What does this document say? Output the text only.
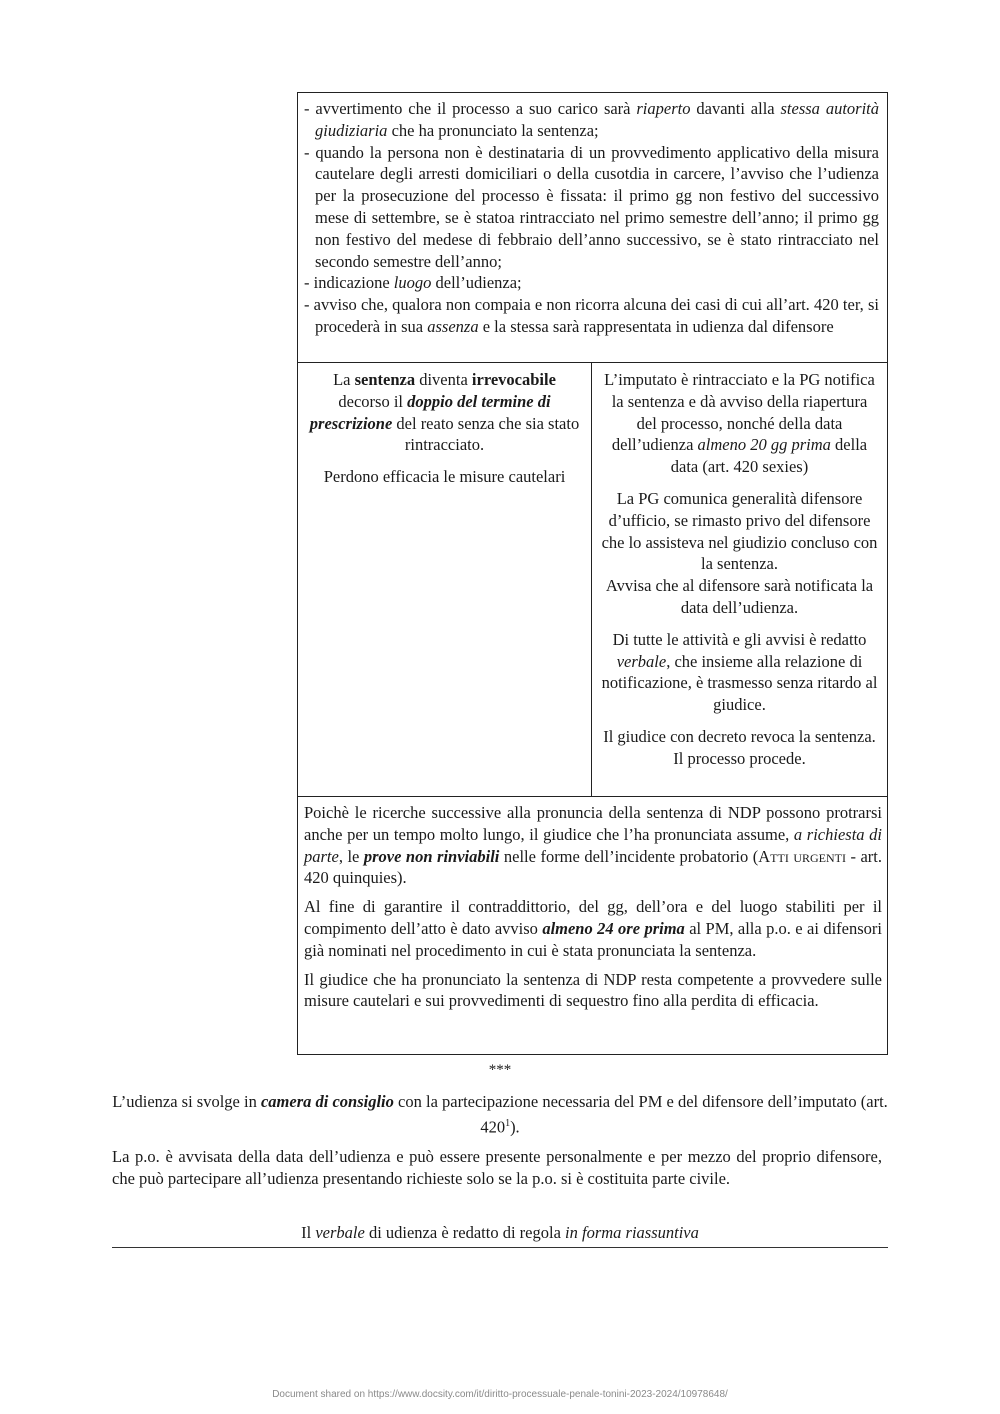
- avvertimento che il processo a suo carico sarà riaperto davanti alla stessa autorità giudiziaria che ha pronunciato la sentenza;

- quando la persona non è destinataria di un provvedimento applicativo della misura cautelare degli arresti domiciliari o della cusotdia in carcere, l’avviso che l’udienza per la prosecuzione del processo è fissata: il primo gg non festivo del successivo mese di settembre, se è statoa rintracciato nel primo semestre dell’anno; il primo gg non festivo del medese di febbraio dell’anno successivo, se è stato rintracciato nel secondo semestre dell’anno;

- indicazione luogo dell’udienza;

- avviso che, qualora non compaia e non ricorra alcuna dei casi di cui all’art. 420 ter, si procederà in sua assenza e la stessa sarà rappresentata in udienza dal difensore

La sentenza diventa irrevocabile decorso il doppio del termine di prescrizione del reato senza che sia stato rintracciato.

Perdono efficacia le misure cautelari

L’imputato è rintracciato e la PG notifica la sentenza e dà avviso della riapertura del processo, nonché della data dell’udienza almeno 20 gg prima della data (art. 420 sexies)

La PG comunica generalità difensore d’ufficio, se rimasto privo del difensore che lo assisteva nel giudizio concluso con la sentenza.
Avvisa che al difensore sarà notificata la data dell’udienza.

Di tutte le attività e gli avvisi è redatto verbale, che insieme alla relazione di notificazione, è trasmesso senza ritardo al giudice.

Il giudice con decreto revoca la sentenza.
Il processo procede.

Poichè le ricerche successive alla pronuncia della sentenza di NDP possono protrarsi anche per un tempo molto lungo, il giudice che l’ha pronunciata assume, a richiesta di parte, le prove non rinviabili nelle forme dell’incidente probatorio (Atti urgenti - art. 420 quinquies).

Al fine di garantire il contraddittorio, del gg, dell’ora e del luogo stabiliti per il compimento dell’atto è dato avviso almeno 24 ore prima al PM, alla p.o. e ai difensori già nominati nel procedimento in cui è stata pronunciata la sentenza.

Il giudice che ha pronunciato la sentenza di NDP resta competente a provvedere sulle misure cautelari e sui provvedimenti di sequestro fino alla perdita di efficacia.

***

L’udienza si svolge in camera di consiglio con la partecipazione necessaria del PM e del difensore dell’imputato (art. $420^1$).

La p.o. è avvisata della data dell’udienza e può essere presente personalmente e per mezzo del proprio difensore, che può partecipare all’udienza presentando richieste solo se la p.o. si è costituita parte civile.

Il verbale di udienza è redatto di regola in forma riassuntiva

Document shared on https://www.docsity.com/it/diritto-processuale-penale-tonini-2023-2024/10978648/
